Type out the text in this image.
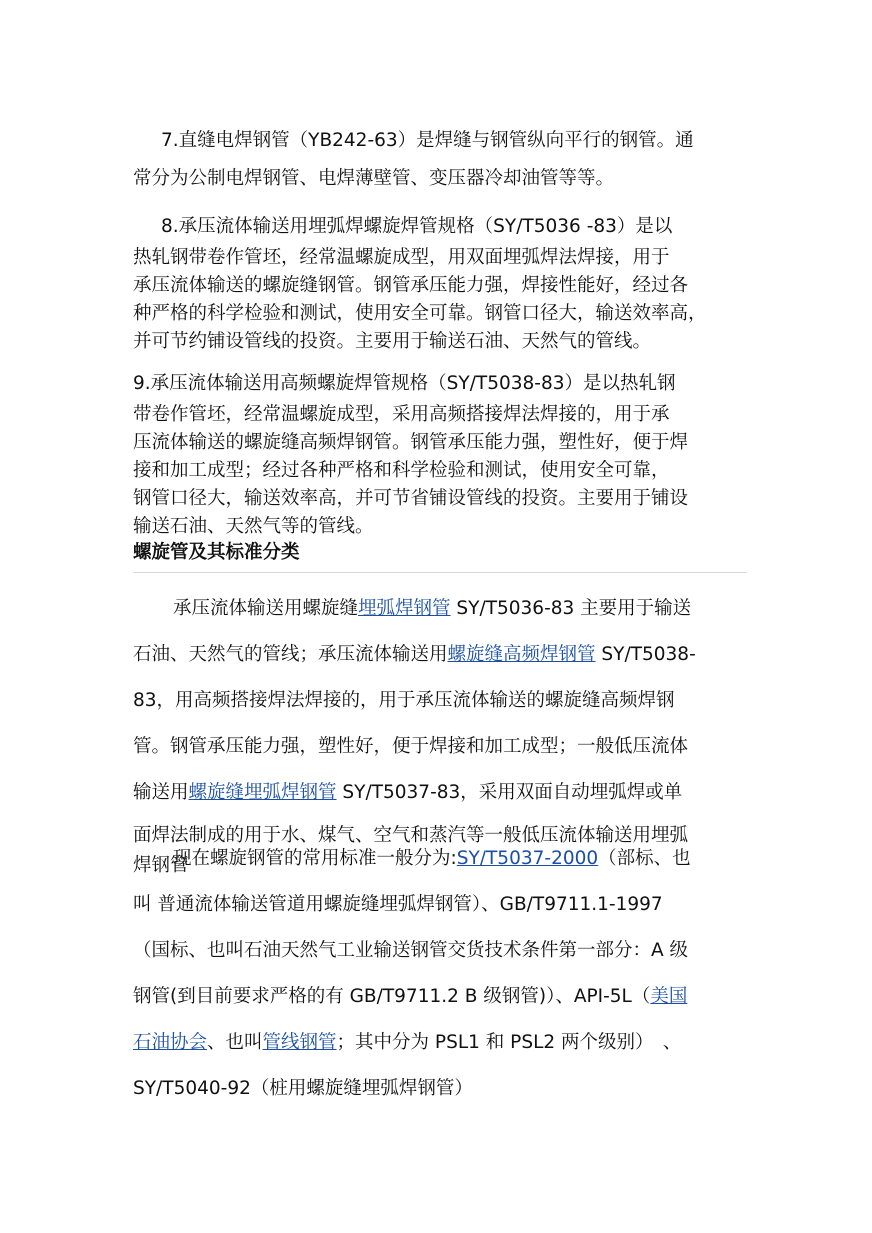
7.直缝电焊钢管（YB242-63）是焊缝与钢管纵向平行的钢管。通
常分为公制电焊钢管、电焊薄壁管、变压器冷却油管等等。
8.承压流体输送用埋弧焊螺旋焊管规格（SY/T5036 -83）是以
热轧钢带卷作管坯，经常温螺旋成型，用双面埋弧焊法焊接，用于
承压流体输送的螺旋缝钢管。钢管承压能力强，焊接性能好，经过各
种严格的科学检验和测试，使用安全可靠。钢管口径大，输送效率高，
并可节约铺设管线的投资。主要用于输送石油、天然气的管线。
9.承压流体输送用高频螺旋焊管规格（SY/T5038-83）是以热轧钢
带卷作管坯，经常温螺旋成型，采用高频搭接焊法焊接的，用于承
压流体输送的螺旋缝高频焊钢管。钢管承压能力强，塑性好，便于焊
接和加工成型；经过各种严格和科学检验和测试，使用安全可靠，
钢管口径大，输送效率高，并可节省铺设管线的投资。主要用于铺设
输送石油、天然气等的管线。
螺旋管及其标准分类
承压流体输送用螺旋缝埋弧焊钢管 SY/T5036-83 主要用于输送
石油、天然气的管线；承压流体输送用螺旋缝高频焊钢管 SY/T5038-
83，用高频搭接焊法焊接的，用于承压流体输送的螺旋缝高频焊钢
管。钢管承压能力强，塑性好，便于焊接和加工成型；一般低压流体
输送用螺旋缝埋弧焊钢管 SY/T5037-83，采用双面自动埋弧焊或单
面焊法制成的用于水、煤气、空气和蒸汽等一般低压流体输送用埋弧
焊钢管
现在螺旋钢管的常用标准一般分为:SY/T5037-2000（部标、也
叫 普通流体输送管道用螺旋缝埋弧焊钢管）、GB/T9711.1-1997
（国标、也叫石油天然气工业输送钢管交货技术条件第一部分：A 级
钢管(到目前要求严格的有 GB/T9711.2 B 级钢管)）、API-5L（美国
石油协会、也叫管线钢管；其中分为 PSL1 和 PSL2 两个级别）　、
SY/T5040-92（桩用螺旋缝埋弧焊钢管）
